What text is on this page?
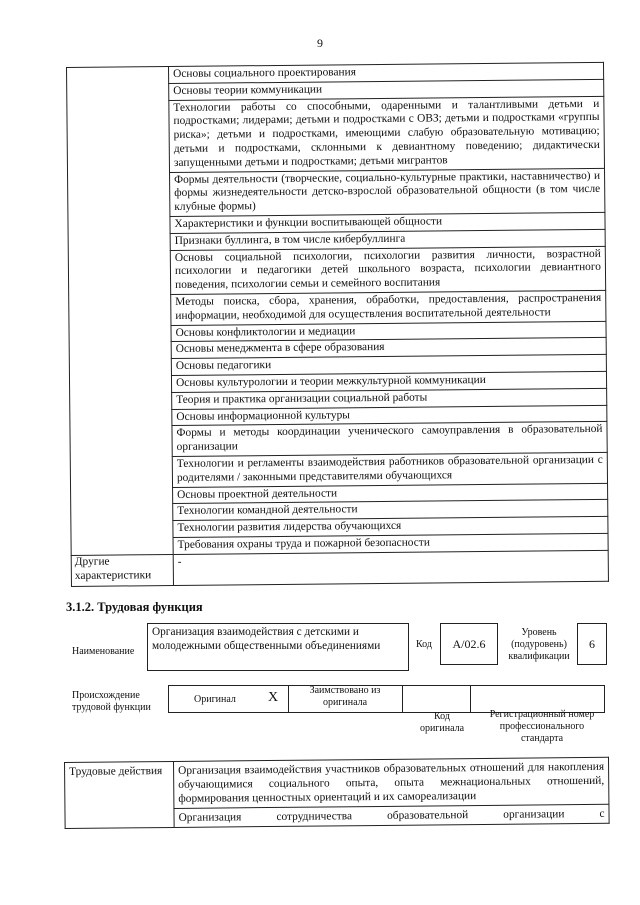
9
	Основы социального проектирования
	Основы теории коммуникации
	Технологии работы со способными, одаренными и талантливыми детьми и подростками; лидерами; детьми и подростками с ОВЗ; детьми и подростками «группы риска»; детьми и подростками, имеющими слабую образовательную мотивацию; детьми и подростками, склонными к девиантному поведению; дидактически запущенными детьми и подростками; детьми мигрантов
	Формы деятельности (творческие, социально-культурные практики, наставничество) и формы жизнедеятельности детско-взрослой образовательной общности (в том числе клубные формы)
	Характеристики и функции воспитывающей общности
	Признаки буллинга, в том числе кибербуллинга
	Основы социальной психологии, психологии развития личности, возрастной психологии и педагогики детей школьного возраста, психологии девиантного поведения, психологии семьи и семейного воспитания
	Методы поиска, сбора, хранения, обработки, предоставления, распространения информации, необходимой для осуществления воспитательной деятельности
	Основы конфликтологии и медиации
	Основы менеджмента в сфере образования
	Основы педагогики
	Основы культурологии и теории межкультурной коммуникации
	Теория и практика организации социальной работы
	Основы информационной культуры
	Формы и методы координации ученического самоуправления в образовательной организации
	Технологии и регламенты взаимодействия работников образовательной организации с родителями / законными представителями обучающихся
	Основы проектной деятельности
	Технологии командной деятельности
	Технологии развития лидерства обучающихся
	Требования охраны труда и пожарной безопасности
Другие характеристики	-
3.1.2. Трудовая функция
Наименование
Организация взаимодействия с детскими и молодежными общественными объединениями	Код	A/02.6
Уровень (подуровень) квалификации
6
Происхождение трудовой функции
Оригинал X	Заимствовано из оригинала
Код оригинала
Регистрационный номер профессионального стандарта
Трудовые действия	Организация взаимодействия участников образовательных отношений для накопления обучающимися социального опыта, опыта межнациональных отношений, формирования ценностных ориентаций и их самореализации
Организация сотрудничества образовательной организации с
